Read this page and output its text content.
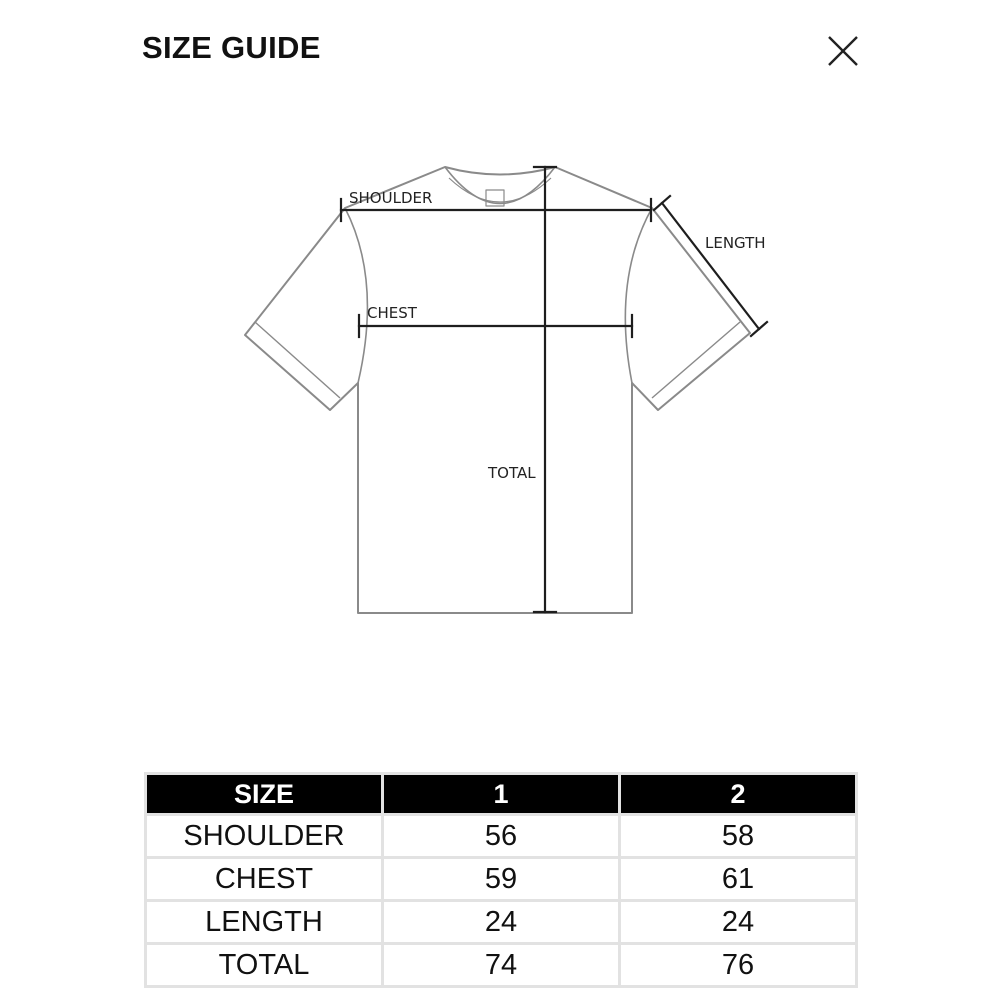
SIZE GUIDE
SHOULDER
CHEST
LENGTH
TOTAL
SIZE	1	2
SHOULDER	56	58
CHEST	59	61
LENGTH	24	24
TOTAL	74	76
